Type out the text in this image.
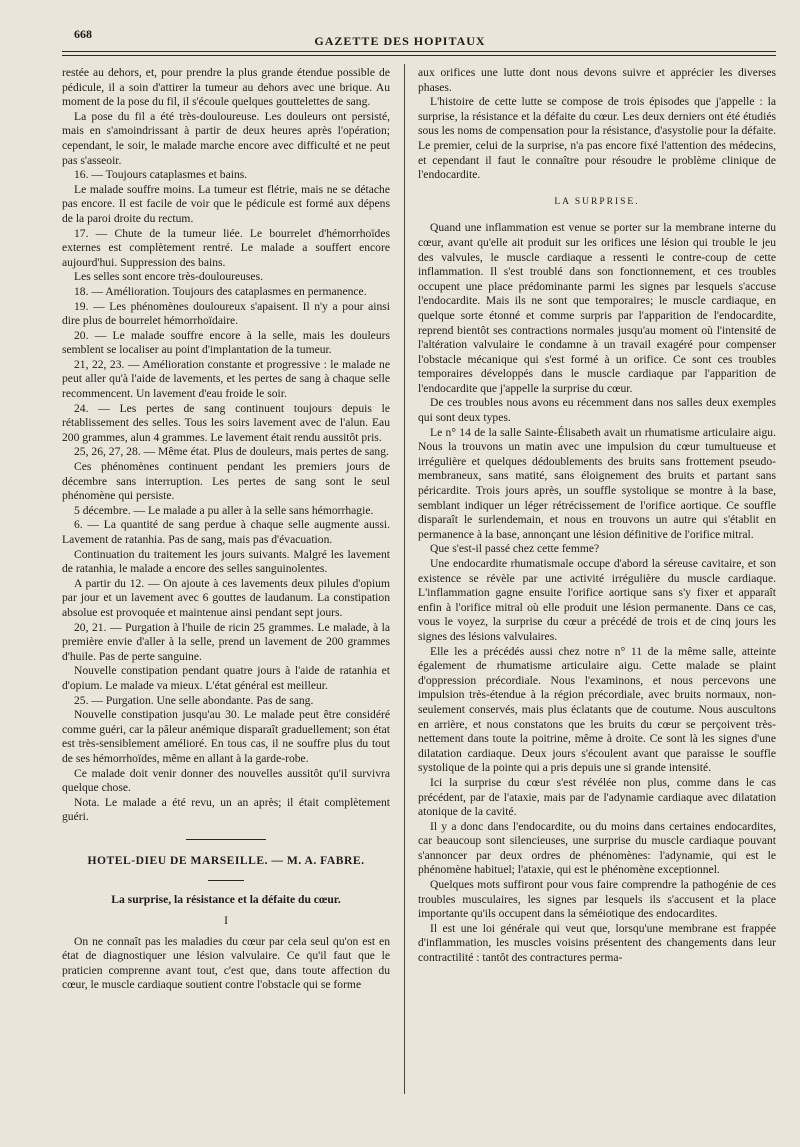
668	GAZETTE DES HOPITAUX

restée au dehors, et, pour prendre la plus grande étendue possible de pédicule, il a soin d'attirer la tumeur au dehors avec une brique. Au moment de la pose du fil, il s'écoule quelques gouttelettes de sang.

La pose du fil a été très-douloureuse. Les douleurs ont persisté, mais en s'amoindrissant à partir de deux heures après l'opération; cependant, le soir, le malade marche encore avec difficulté et ne peut pas s'asseoir.

16. — Toujours cataplasmes et bains.

Le malade souffre moins. La tumeur est flétrie, mais ne se détache pas encore. Il est facile de voir que le pédicule est formé aux dépens de la paroi droite du rectum.

17. — Chute de la tumeur liée. Le bourrelet d'hémorrhoïdes externes est complètement rentré. Le malade a souffert encore aujourd'hui. Suppression des bains.

Les selles sont encore très-douloureuses.

18. — Amélioration. Toujours des cataplasmes en permanence.

19. — Les phénomènes douloureux s'apaisent. Il n'y a pour ainsi dire plus de bourrelet hémorrhoïdaire.

20. — Le malade souffre encore à la selle, mais les douleurs semblent se localiser au point d'implantation de la tumeur.

21, 22, 23. — Amélioration constante et progressive : le malade ne peut aller qu'à l'aide de lavements, et les pertes de sang à chaque selle recommencent. Un lavement d'eau froide le soir.

24. — Les pertes de sang continuent toujours depuis le rétablissement des selles. Tous les soirs lavement avec de l'alun. Eau 200 grammes, alun 4 grammes. Le lavement était rendu aussitôt pris.

25, 26, 27, 28. — Même état. Plus de douleurs, mais pertes de sang.

Ces phénomènes continuent pendant les premiers jours de décembre sans interruption. Les pertes de sang sont le seul phénomène qui persiste.

5 décembre. — Le malade a pu aller à la selle sans hémorrhagie.

6. — La quantité de sang perdue à chaque selle augmente aussi. Lavement de ratanhia. Pas de sang, mais pas d'évacuation.

Continuation du traitement les jours suivants. Malgré les lavement de ratanhia, le malade a encore des selles sanguinolentes.

A partir du 12. — On ajoute à ces lavements deux pilules d'opium par jour et un lavement avec 6 gouttes de laudanum. La constipation absolue est provoquée et maintenue ainsi pendant sept jours.

20, 21. — Purgation à l'huile de ricin 25 grammes. Le malade, à la première envie d'aller à la selle, prend un lavement de 200 grammes d'huile. Pas de perte sanguine.

Nouvelle constipation pendant quatre jours à l'aide de ratanhia et d'opium. Le malade va mieux. L'état général est meilleur.

25. — Purgation. Une selle abondante. Pas de sang.

Nouvelle constipation jusqu'au 30. Le malade peut être considéré comme guéri, car la pâleur anémique disparaît graduellement; son état est très-sensiblement amélioré. En tous cas, il ne souffre plus du tout de ses hémorrhoïdes, même en allant à la garde-robe.

Ce malade doit venir donner des nouvelles aussitôt qu'il survivra quelque chose.

Nota. Le malade a été revu, un an après; il était complètement guéri.

HOTEL-DIEU DE MARSEILLE. — M. A. FABRE.
La surprise, la résistance et la défaite du cœur.
I

On ne connaît pas les maladies du cœur par cela seul qu'on est en état de diagnostiquer une lésion valvulaire. Ce qu'il faut que le praticien comprenne avant tout, c'est que, dans toute affection du cœur, le muscle cardiaque soutient contre l'obstacle qui se forme

aux orifices une lutte dont nous devons suivre et apprécier les diverses phases.

L'histoire de cette lutte se compose de trois épisodes que j'appelle : la surprise, la résistance et la défaite du cœur. Les deux derniers ont été étudiés sous les noms de compensation pour la résistance, d'asystolie pour la défaite. Le premier, celui de la surprise, n'a pas encore fixé l'attention des médecins, et cependant il faut le connaître pour résoudre le problème clinique de l'endocardite.

LA SURPRISE.

Quand une inflammation est venue se porter sur la membrane interne du cœur, avant qu'elle ait produit sur les orifices une lésion qui trouble le jeu des valvules, le muscle cardiaque a ressenti le contre-coup de cette inflammation. Il s'est troublé dans son fonctionnement, et ces troubles occupent une place prédominante parmi les signes par lesquels s'accuse l'endocardite. Mais ils ne sont que temporaires; le muscle cardiaque, en quelque sorte étonné et comme surpris par l'apparition de l'endocardite, reprend bientôt ses contractions normales jusqu'au moment où l'intensité de l'altération valvulaire le condamne à un travail exagéré pour compenser l'obstacle mécanique qui s'est formé à un orifice. Ce sont ces troubles temporaires développés dans le muscle cardiaque par l'apparition de l'endocardite que j'appelle la surprise du cœur.

De ces troubles nous avons eu récemment dans nos salles deux exemples qui sont deux types.

Le n° 14 de la salle Sainte-Élisabeth avait un rhumatisme articulaire aigu. Nous la trouvons un matin avec une impulsion du cœur tumultueuse et irrégulière et quelques dédoublements des bruits sans frottement pseudo-membraneux, sans matité, sans éloignement des bruits et partant sans péricardite. Trois jours après, un souffle systolique se montre à la base, semblant indiquer un léger rétrécissement de l'orifice aortique. Ce souffle disparaît le surlendemain, et nous en trouvons un autre qui s'établit en permanence à la base, annonçant une lésion définitive de l'orifice mitral.

Que s'est-il passé chez cette femme?

Une endocardite rhumatismale occupe d'abord la séreuse cavitaire, et son existence se révèle par une activité irrégulière du muscle cardiaque. L'inflammation gagne ensuite l'orifice aortique sans s'y fixer et apparaît enfin à l'orifice mitral où elle produit une lésion permanente. Dans ce cas, vous le voyez, la surprise du cœur a précédé de trois et de cinq jours les signes des lésions valvulaires.

Elle les a précédés aussi chez notre n° 11 de la même salle, atteinte également de rhumatisme articulaire aigu. Cette malade se plaint d'oppression précordiale. Nous l'examinons, et nous percevons une impulsion très-étendue à la région précordiale, avec bruits normaux, non-seulement conservés, mais plus éclatants que de coutume. Nous auscultons en arrière, et nous constatons que les bruits du cœur se perçoivent très-nettement dans toute la poitrine, même à droite. Ce sont là les signes d'une dilatation cardiaque. Deux jours s'écoulent avant que paraisse le souffle systolique de la pointe qui a pris depuis une si grande intensité.

Ici la surprise du cœur s'est révélée non plus, comme dans le cas précédent, par de l'ataxie, mais par de l'adynamie cardiaque avec dilatation atonique de la cavité.

Il y a donc dans l'endocardite, ou du moins dans certaines endocardites, car beaucoup sont silencieuses, une surprise du muscle cardiaque pouvant s'annoncer par deux ordres de phénomènes: l'adynamie, qui est le phénomène habituel; l'ataxie, qui est le phénomène exceptionnel.

Quelques mots suffiront pour vous faire comprendre la pathogénie de ces troubles musculaires, les signes par lesquels ils s'accusent et la place importante qu'ils occupent dans la séméiotique des endocardites.

Il est une loi générale qui veut que, lorsqu'une membrane est frappée d'inflammation, les muscles voisins présentent des changements dans leur contractilité : tantôt des contractures perma-
